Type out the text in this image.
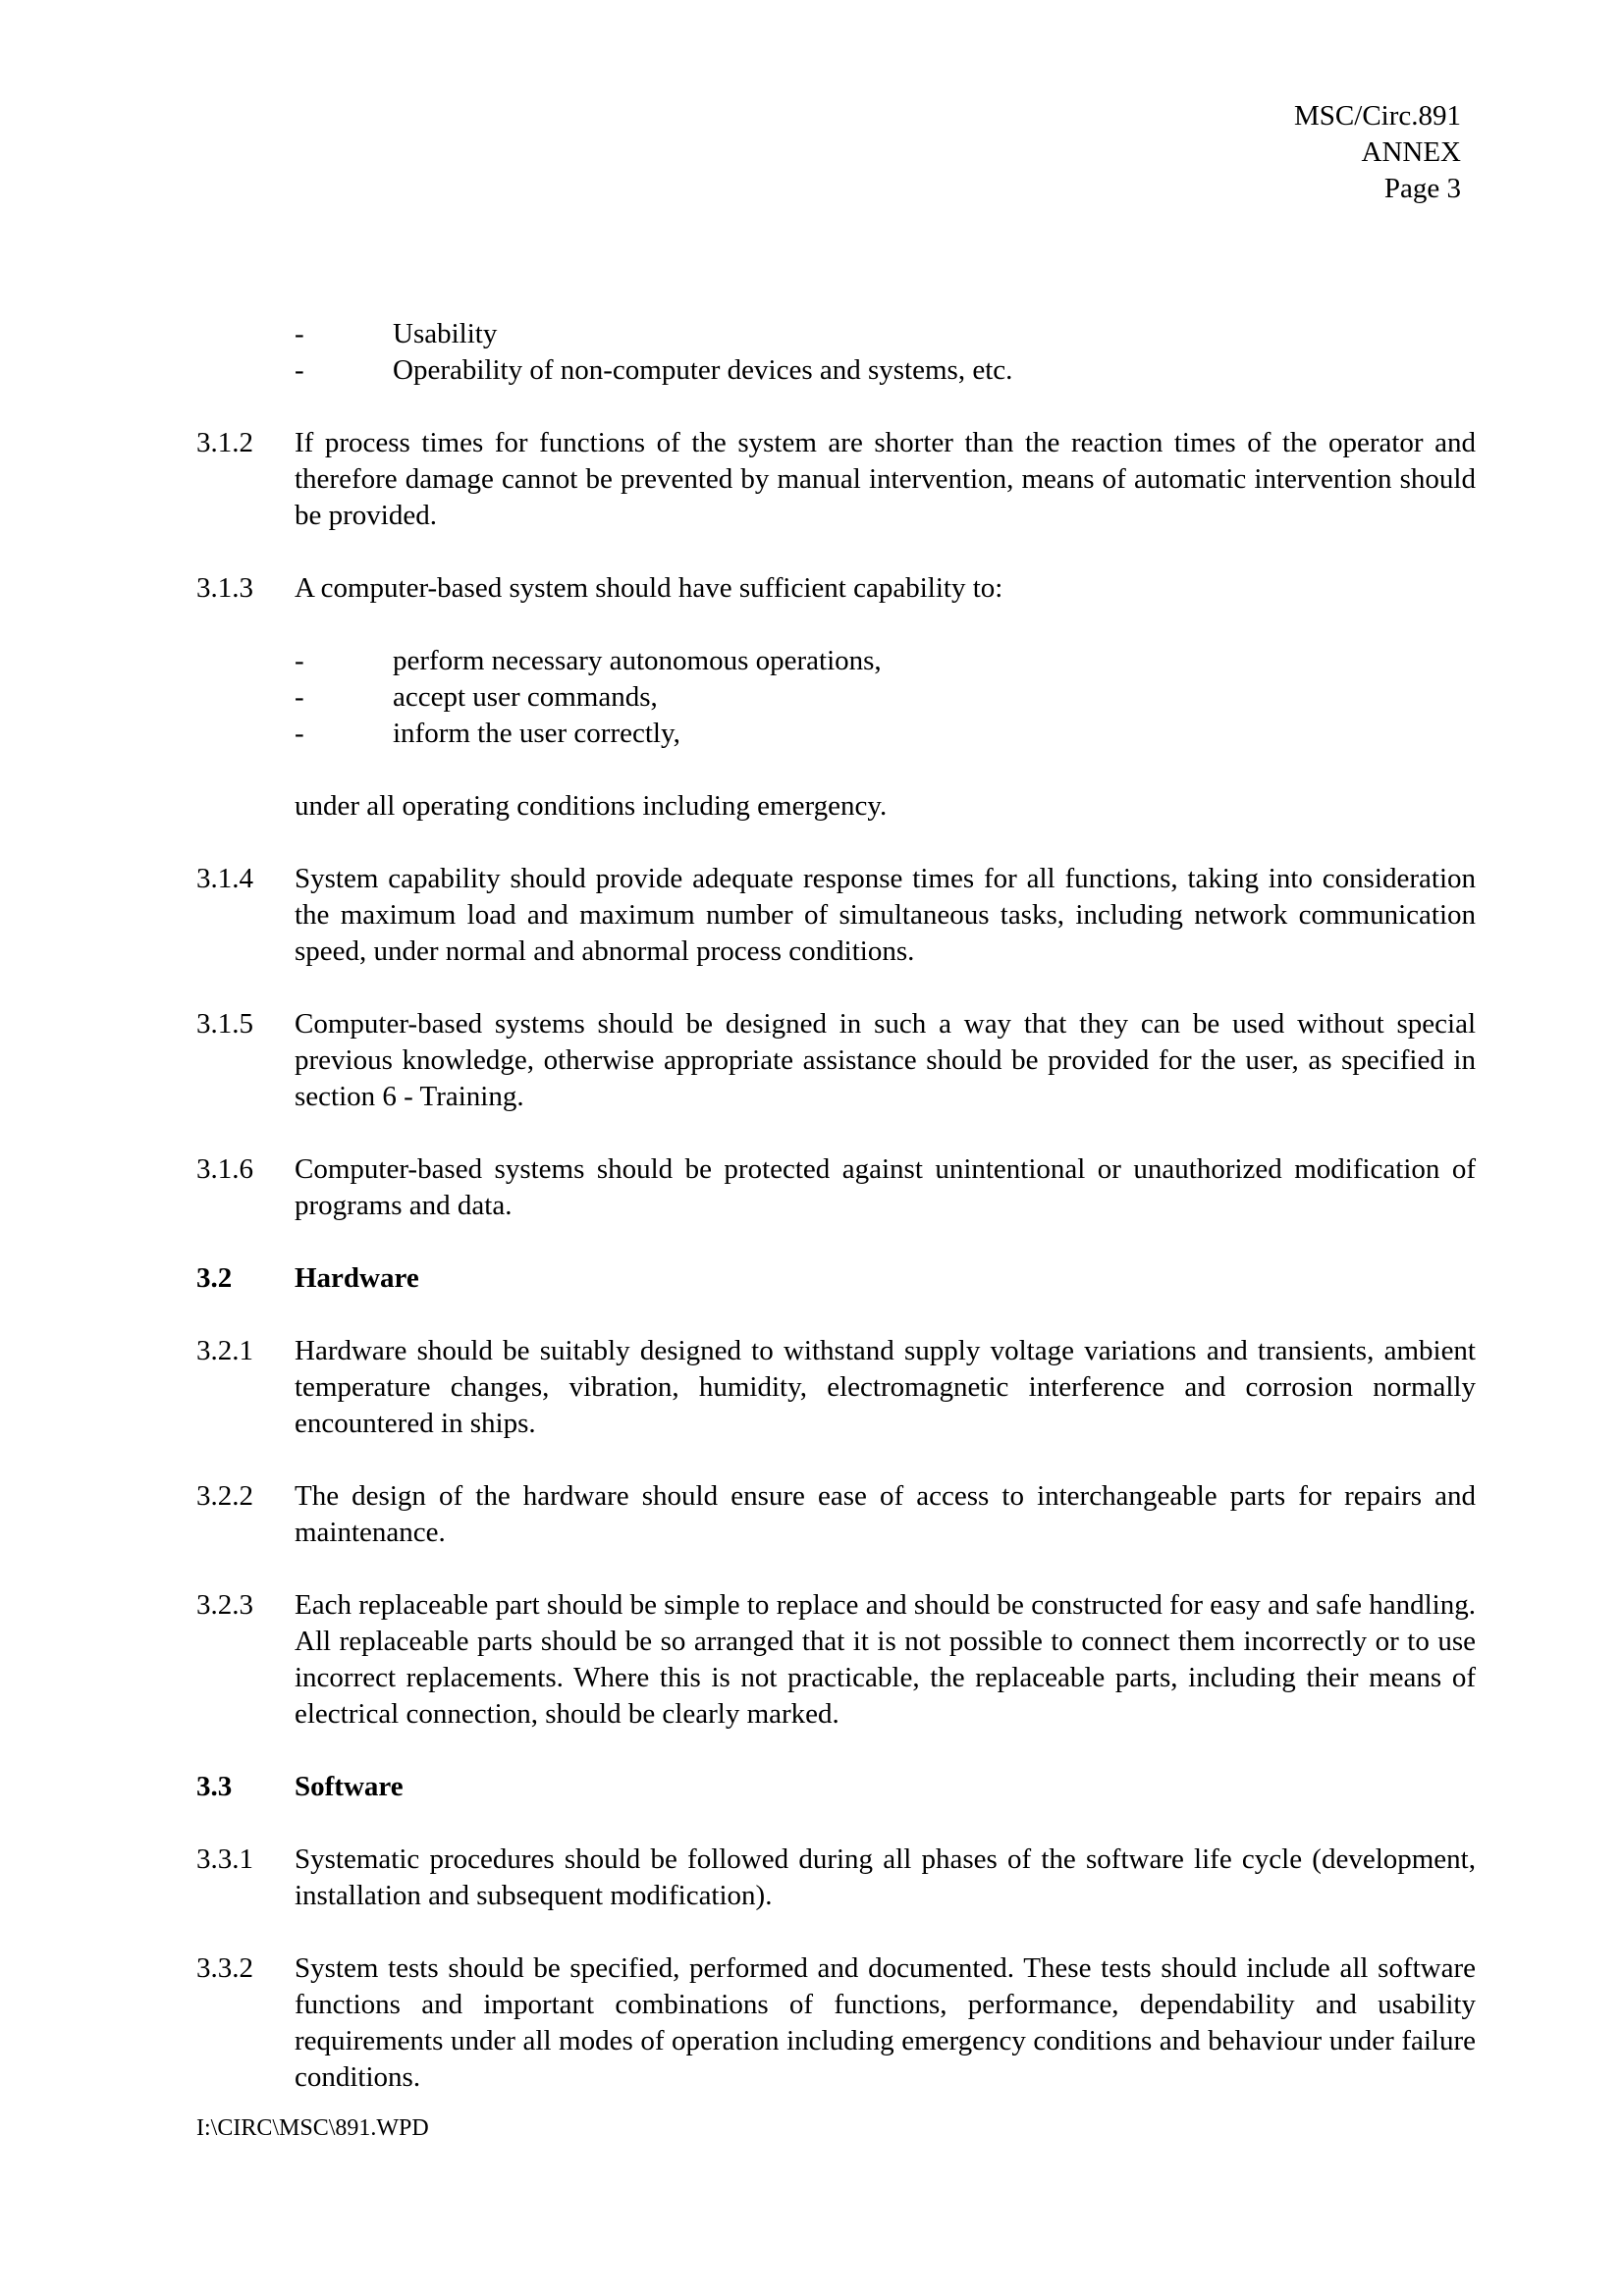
MSC/Circ.891
ANNEX
Page 3
-	Usability
-	Operability of non-computer devices and systems, etc.
3.1.2 If process times for functions of the system are shorter than the reaction times of the operator and therefore damage cannot be prevented by manual intervention, means of automatic intervention should be provided.
3.1.3 A computer-based system should have sufficient capability to:
-	perform necessary autonomous operations,
-	accept user commands,
-	inform the user correctly,
under all operating conditions including emergency.
3.1.4 System capability should provide adequate response times for all functions, taking into consideration the maximum load and maximum number of simultaneous tasks, including network communication speed, under normal and abnormal process conditions.
3.1.5 Computer-based systems should be designed in such a way that they can be used without special previous knowledge, otherwise appropriate assistance should be provided for the user, as specified in section 6 - Training.
3.1.6 Computer-based systems should be protected against unintentional or unauthorized modification of programs and data.
3.2 Hardware
3.2.1 Hardware should be suitably designed to withstand supply voltage variations and transients, ambient temperature changes, vibration, humidity, electromagnetic interference and corrosion normally encountered in ships.
3.2.2 The design of the hardware should ensure ease of access to interchangeable parts for repairs and maintenance.
3.2.3 Each replaceable part should be simple to replace and should be constructed for easy and safe handling. All replaceable parts should be so arranged that it is not possible to connect them incorrectly or to use incorrect replacements. Where this is not practicable, the replaceable parts, including their means of electrical connection, should be clearly marked.
3.3 Software
3.3.1 Systematic procedures should be followed during all phases of the software life cycle (development, installation and subsequent modification).
3.3.2 System tests should be specified, performed and documented. These tests should include all software functions and important combinations of functions, performance, dependability and usability requirements under all modes of operation including emergency conditions and behaviour under failure conditions.
I:\CIRC\MSC\891.WPD
